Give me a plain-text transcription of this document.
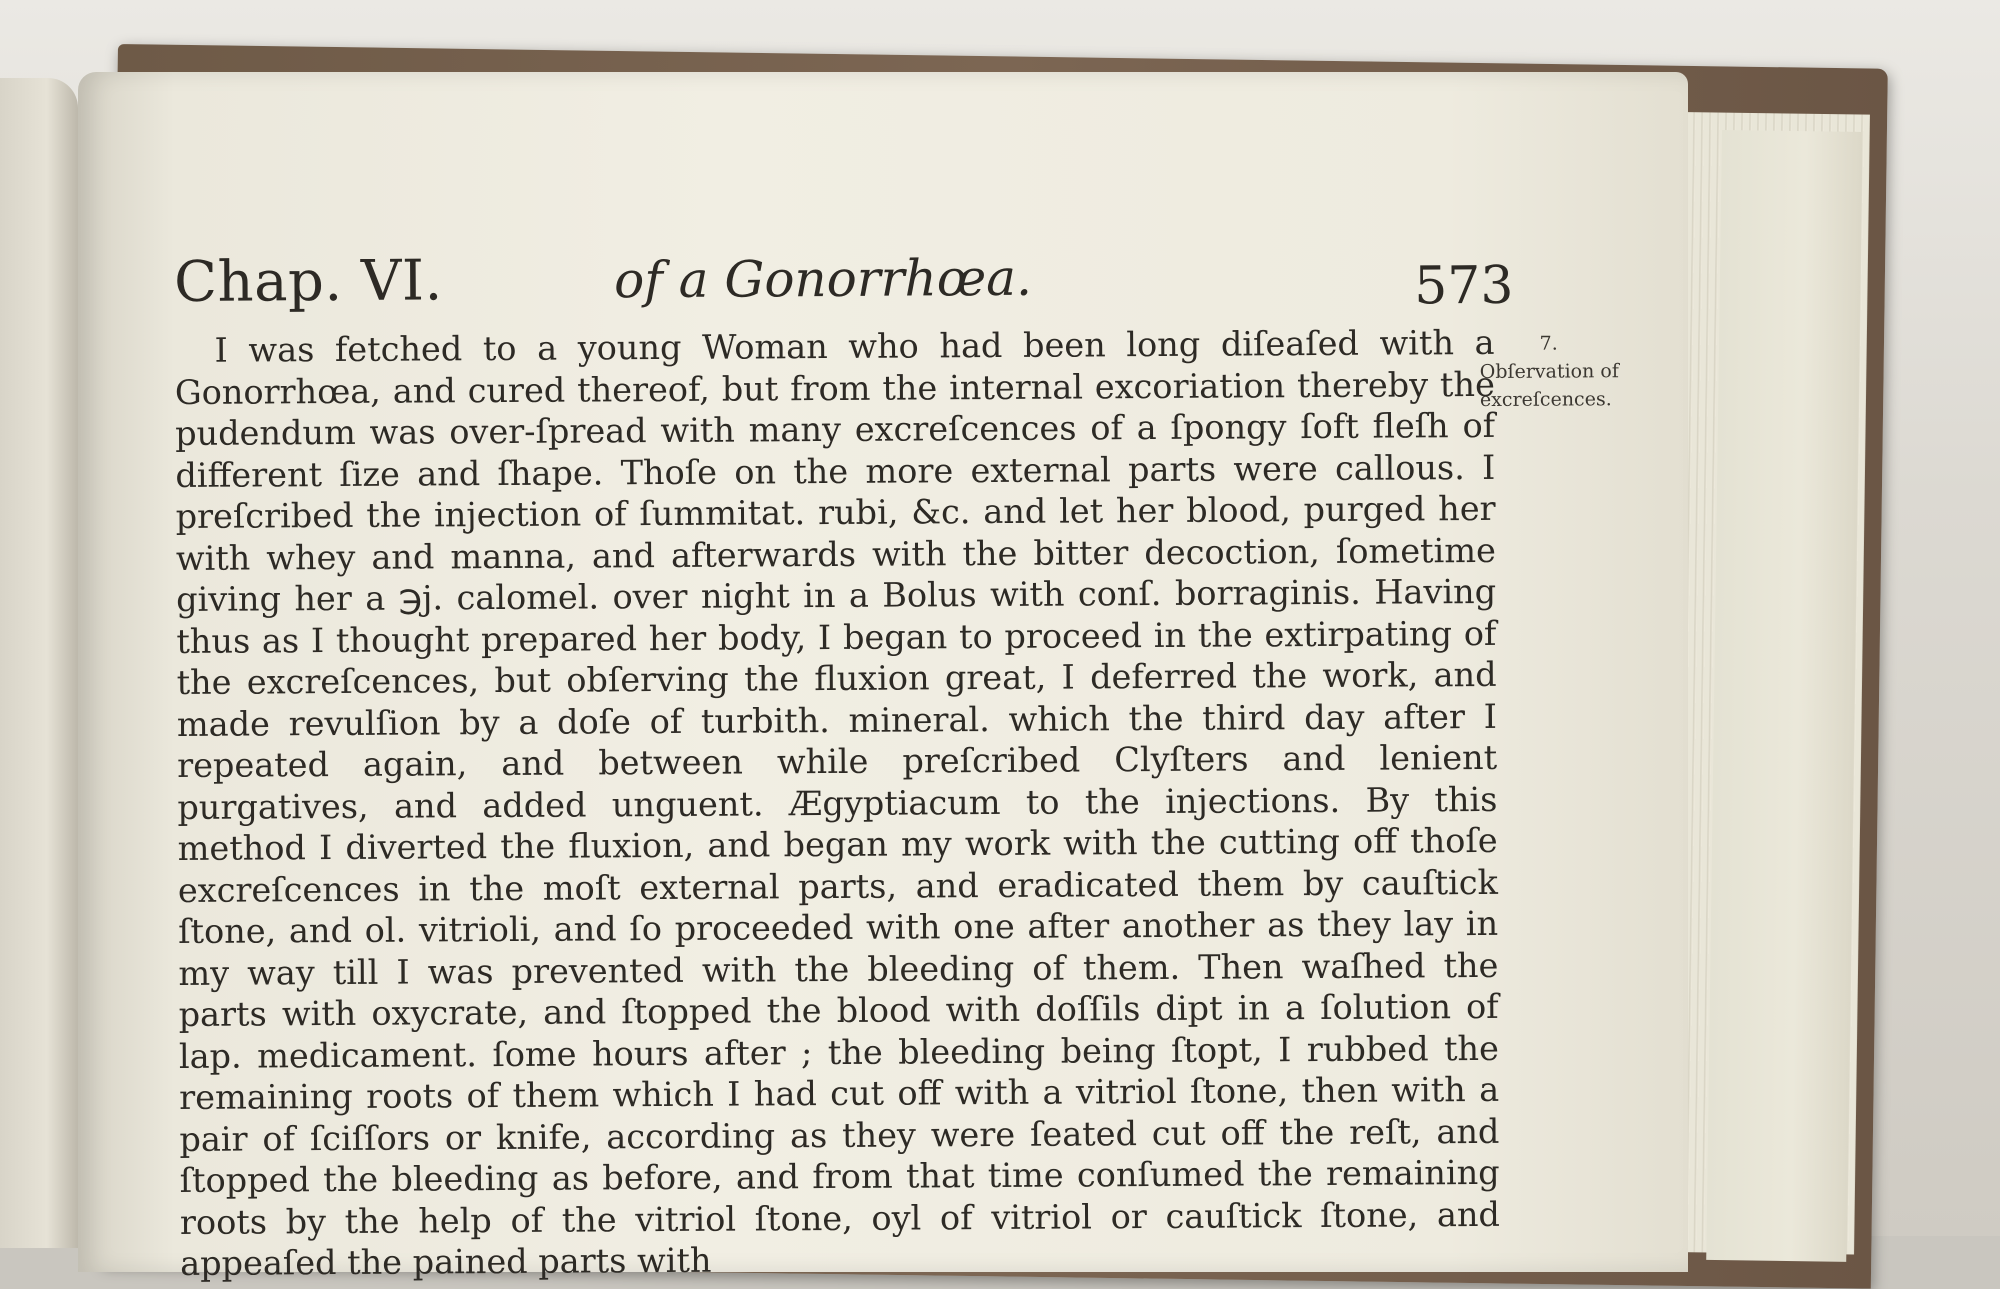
Chap. VI.	of a Gonorrhœa.	573

I was fetched to a young Woman who had been long diſeaſed with a Gonorrhœa, and cured thereof, but from the internal excoriation thereby the pudendum was over-ſpread with many excreſcences of a ſpongy ſoft fleſh of different ſize and ſhape. Thoſe on the more external parts were callous. I preſcribed the injection of ſummitat. rubi, &c. and let her blood, purged her with whey and manna, and afterwards with the bitter decoction, ſometime giving her a ℈j. calomel. over night in a Bolus with conſ. borraginis. Having thus as I thought prepared her body, I began to proceed in the extirpating of the excreſcences, but obſerving the fluxion great, I deferred the work, and made revulſion by a doſe of turbith. mineral. which the third day after I repeated again, and between while preſcribed Clyſters and lenient purgatives, and added unguent. Ægyptiacum to the injections. By this method I diverted the fluxion, and began my work with the cutting off thoſe excreſcences in the moſt external parts, and eradicated them by cauſtick ſtone, and ol. vitrioli, and ſo proceeded with one after another as they lay in my way till I was prevented with the bleeding of them. Then waſhed the parts with oxycrate, and ſtopped the blood with doſſils dipt in a ſolution of lap. medicament. ſome hours after ; the bleeding being ſtopt, I rubbed the remaining roots of them which I had cut off with a vitriol ſtone, then with a pair of ſciſſors or knife, according as they were ſeated cut off the reſt, and ſtopped the bleeding as before, and from that time conſumed the remaining roots by the help of the vitriol ſtone, oyl of vitriol or cauſtick ſtone, and appeaſed the pained parts with

7.
Obſervation of excreſcences.
